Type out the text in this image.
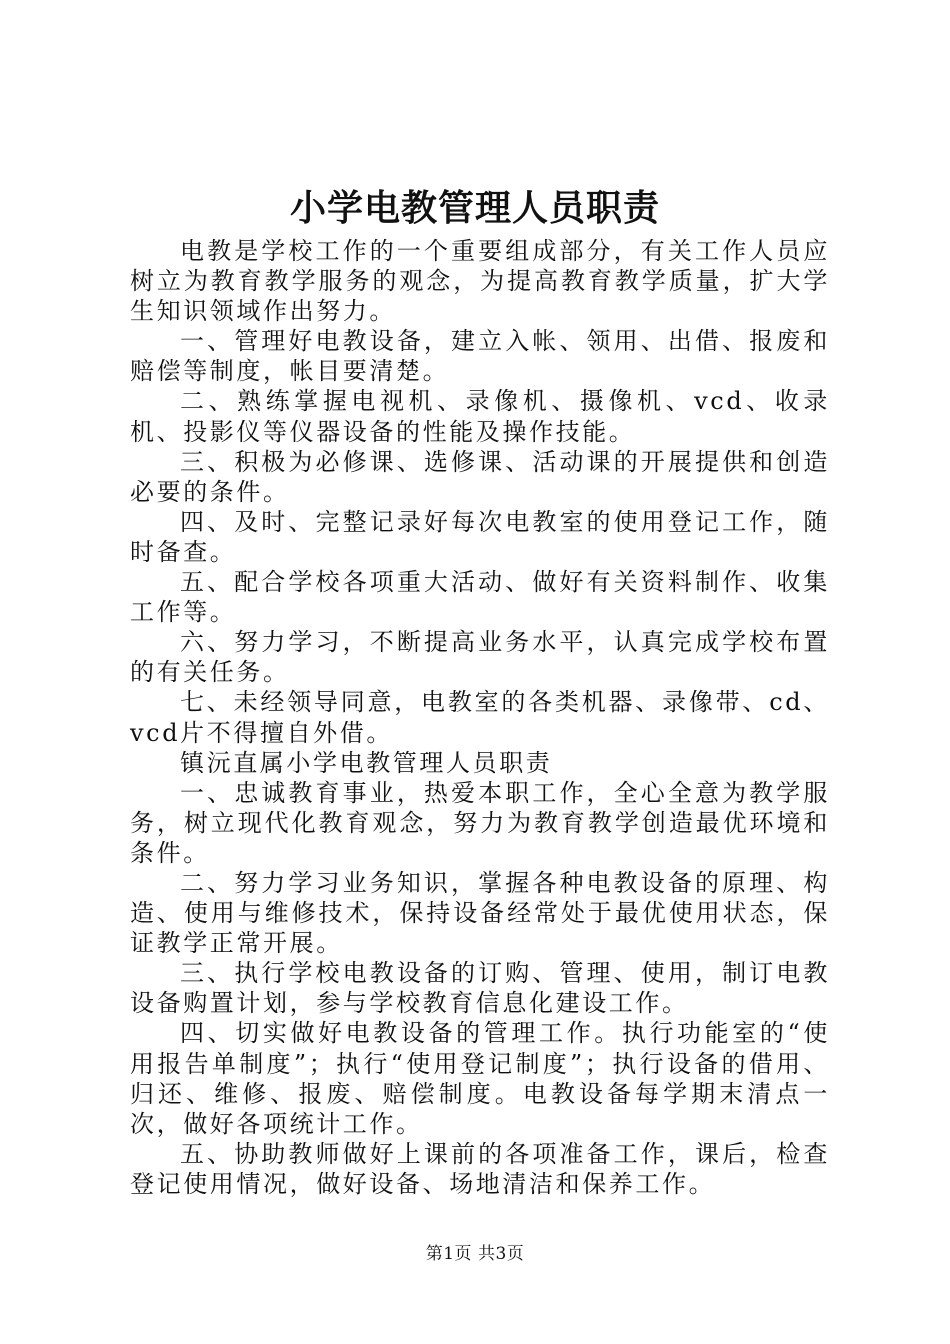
小学电教管理人员职责

电教是学校工作的一个重要组成部分，有关工作人员应树立为教育教学服务的观念，为提高教育教学质量，扩大学生知识领域作出努力。

一、管理好电教设备，建立入帐、领用、出借、报废和赔偿等制度，帐目要清楚。

二、熟练掌握电视机、录像机、摄像机、vcd、收录机、投影仪等仪器设备的性能及操作技能。

三、积极为必修课、选修课、活动课的开展提供和创造必要的条件。

四、及时、完整记录好每次电教室的使用登记工作，随时备查。

五、配合学校各项重大活动、做好有关资料制作、收集工作等。

六、努力学习，不断提高业务水平，认真完成学校布置的有关任务。

七、未经领导同意，电教室的各类机器、录像带、cd、vcd片不得擅自外借。

镇沅直属小学电教管理人员职责

一、忠诚教育事业，热爱本职工作，全心全意为教学服务，树立现代化教育观念，努力为教育教学创造最优环境和条件。

二、努力学习业务知识，掌握各种电教设备的原理、构造、使用与维修技术，保持设备经常处于最优使用状态，保证教学正常开展。

三、执行学校电教设备的订购、管理、使用，制订电教设备购置计划，参与学校教育信息化建设工作。

四、切实做好电教设备的管理工作。执行功能室的“使用报告单制度”；执行“使用登记制度”；执行设备的借用、归还、维修、报废、赔偿制度。电教设备每学期末清点一次，做好各项统计工作。

五、协助教师做好上课前的各项准备工作，课后，检查登记使用情况，做好设备、场地清洁和保养工作。

第1页 共3页
